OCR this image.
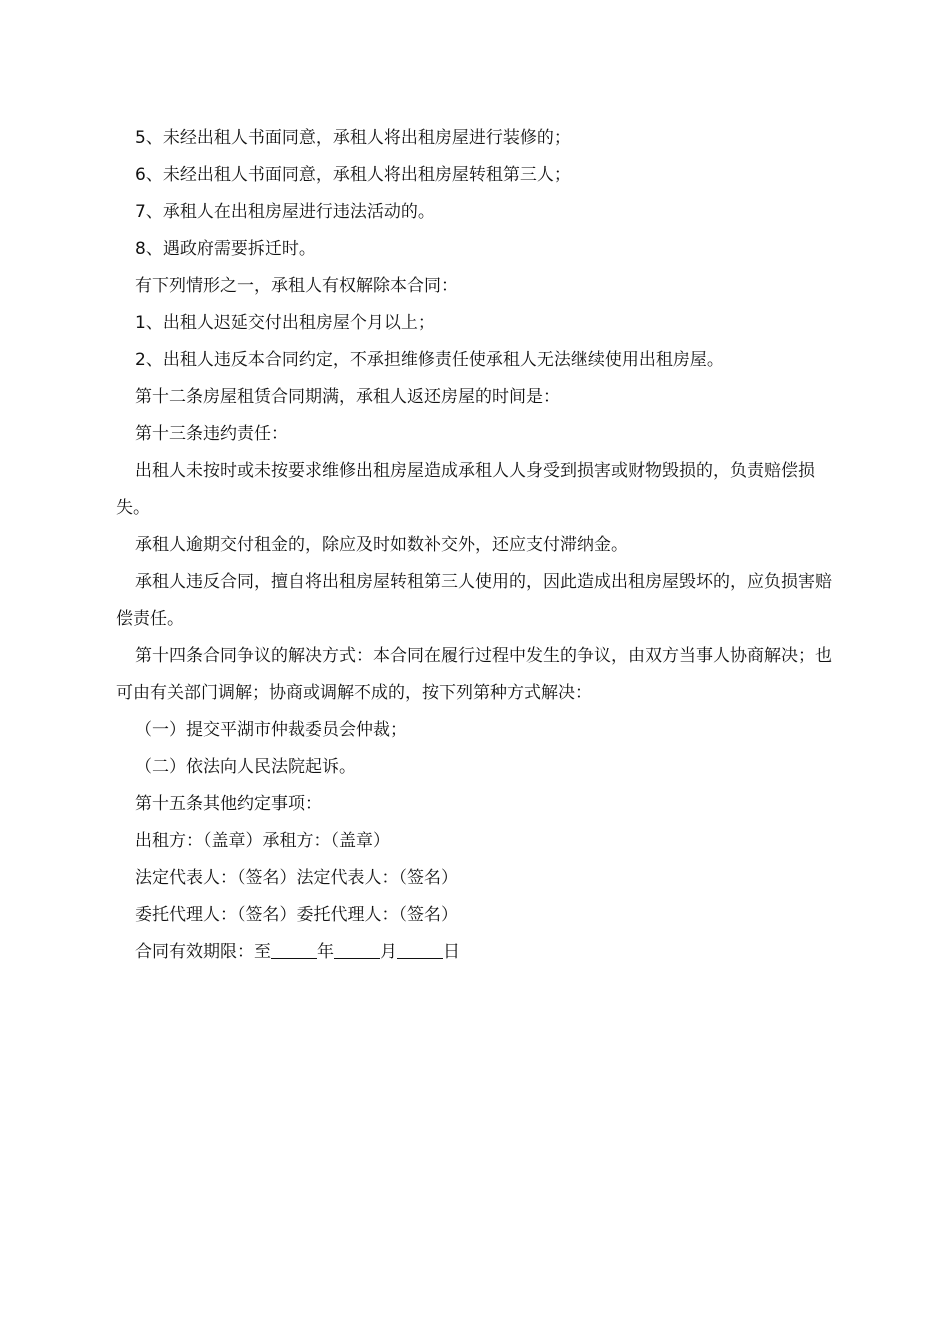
5、未经出租人书面同意，承租人将出租房屋进行装修的；

6、未经出租人书面同意，承租人将出租房屋转租第三人；

7、承租人在出租房屋进行违法活动的。

8、遇政府需要拆迁时。

有下列情形之一，承租人有权解除本合同：

1、出租人迟延交付出租房屋个月以上；

2、出租人违反本合同约定，不承担维修责任使承租人无法继续使用出租房屋。

第十二条房屋租赁合同期满，承租人返还房屋的时间是：

第十三条违约责任：

出租人未按时或未按要求维修出租房屋造成承租人人身受到损害或财物毁损的，负责赔偿损失。

承租人逾期交付租金的，除应及时如数补交外，还应支付滞纳金。

承租人违反合同，擅自将出租房屋转租第三人使用的，因此造成出租房屋毁坏的，应负损害赔偿责任。

第十四条合同争议的解决方式：本合同在履行过程中发生的争议，由双方当事人协商解决；也可由有关部门调解；协商或调解不成的，按下列第种方式解决：

（一）提交平湖市仲裁委员会仲裁；

（二）依法向人民法院起诉。

第十五条其他约定事项：

出租方：（盖章）承租方：（盖章）

法定代表人：（签名）法定代表人：（签名）

委托代理人：（签名）委托代理人：（签名）

合同有效期限：至	年	月	日
